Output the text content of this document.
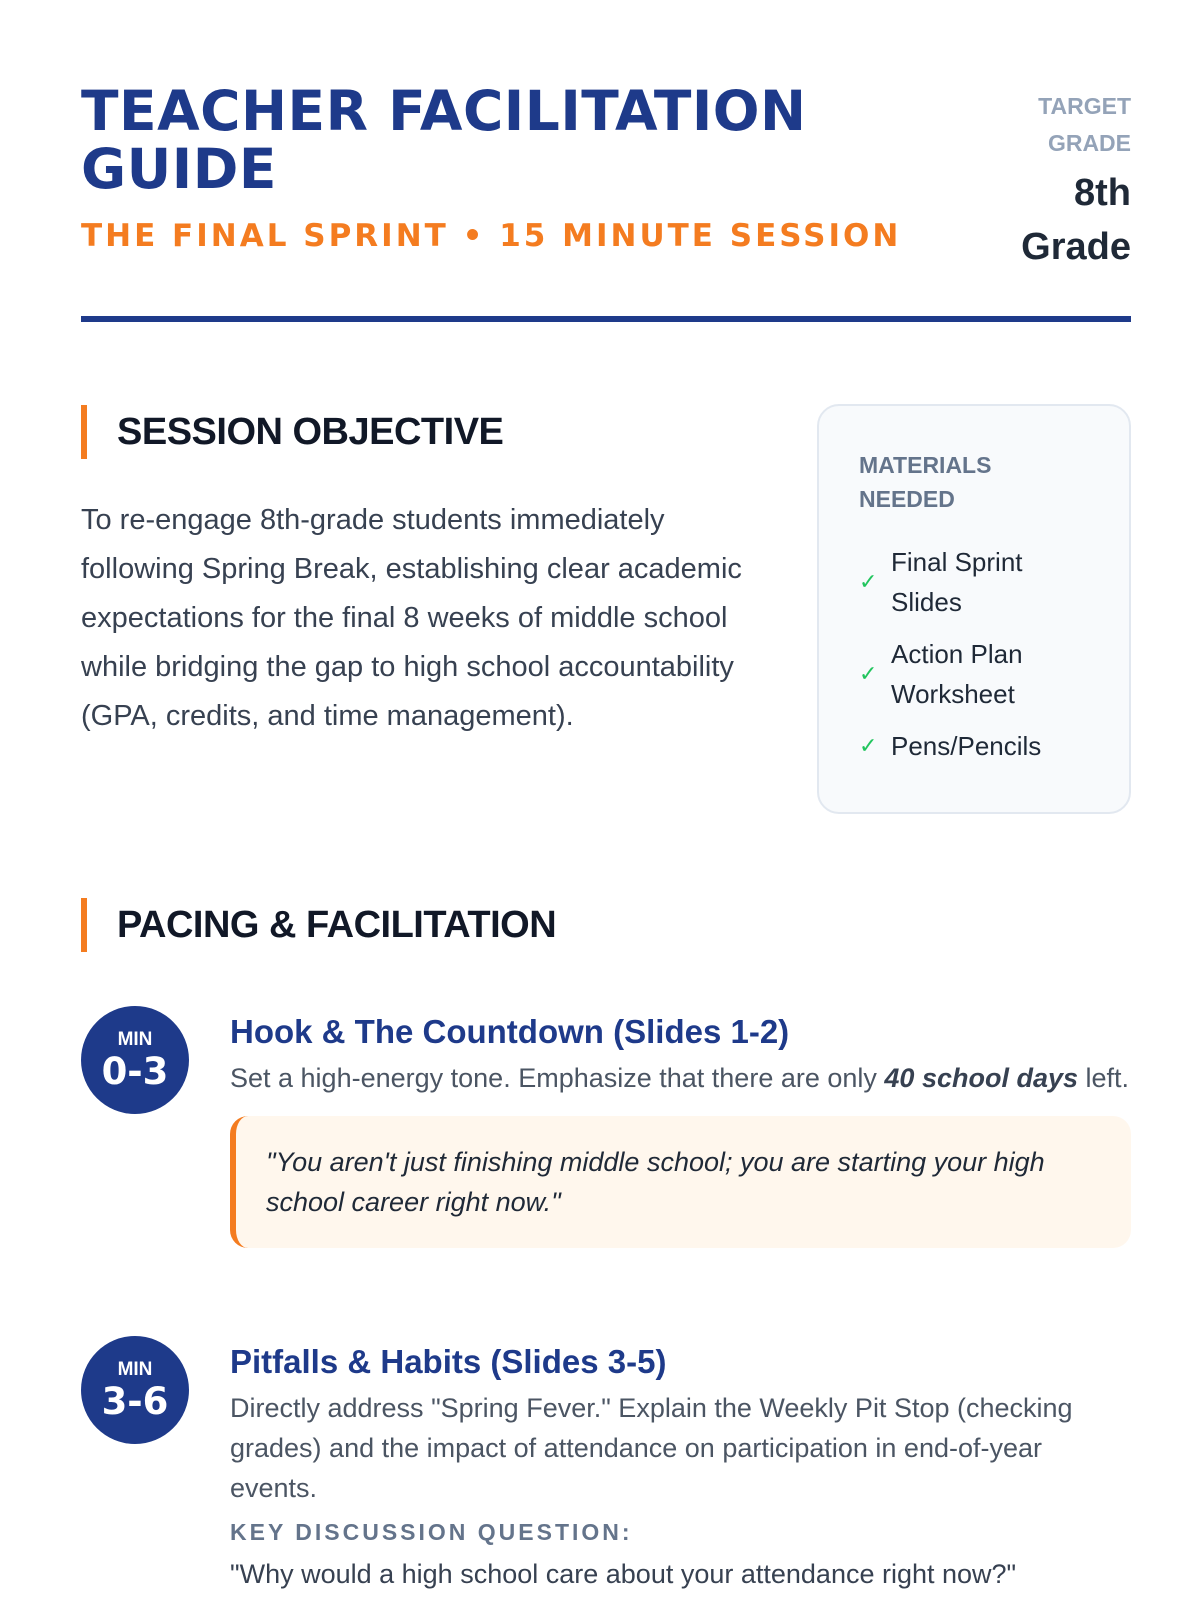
TEACHER FACILITATION GUIDE
THE FINAL SPRINT • 15 MINUTE SESSION
TARGET GRADE
8th Grade
SESSION OBJECTIVE
To re-engage 8th-grade students immediately following Spring Break, establishing clear academic expectations for the final 8 weeks of middle school while bridging the gap to high school accountability (GPA, credits, and time management).
MATERIALS NEEDED
✓
Final Sprint Slides
✓
Action Plan Worksheet
✓ Pens/Pencils
PACING & FACILITATION
MIN
0-3
Hook & The Countdown (Slides 1-2)
Set a high-energy tone. Emphasize that there are only 40 school days left.
"You aren't just finishing middle school; you are starting your high school career right now."
MIN
3-6
Pitfalls & Habits (Slides 3-5)
Directly address "Spring Fever." Explain the Weekly Pit Stop (checking grades) and the impact of attendance on participation in end-of-year events.
KEY DISCUSSION QUESTION:
"Why would a high school care about your attendance right now?"
